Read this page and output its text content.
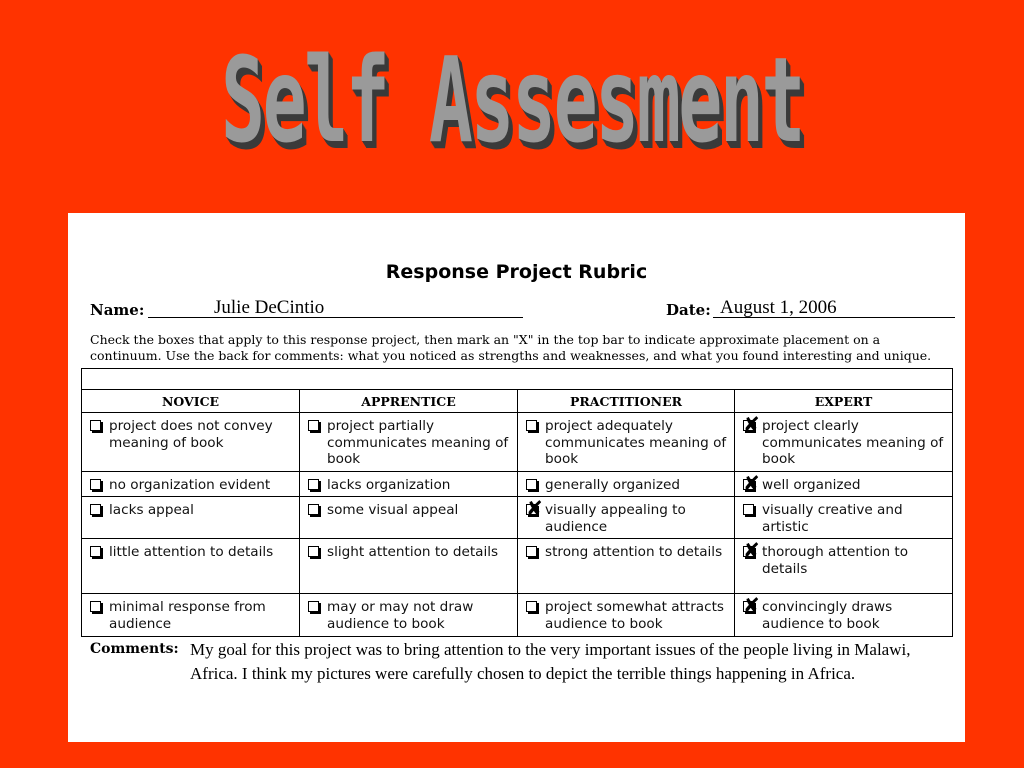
Self Assesment
Response Project Rubric
Name:	Julie DeCintio	Date: August 1, 2006
Check the boxes that apply to this response project, then mark an "X" in the top bar to indicate approximate placement on a continuum. Use the back for comments: what you noticed as strengths and weaknesses, and what you found interesting and unique.

NOVICE	APPRENTICE	PRACTITIONER	EXPERT

project does not convey meaning of book	project partially communicates meaning of book	project adequately communicates meaning of book	✘ project clearly communicates meaning of book

no organization evident	lacks organization	generally organized	✘ well organized

lacks appeal	some visual appeal	✘ visually appealing to audience	visually creative and artistic

little attention to details	slight attention to details	strong attention to details	✘ thorough attention to details

minimal response from audience	may or may not draw audience to book	project somewhat attracts audience to book	✘ convincingly draws audience to book
Comments: My goal for this project was to bring attention to the very important issues of the people living in Malawi, Africa. I think my pictures were carefully chosen to depict the terrible things happening in Africa.
